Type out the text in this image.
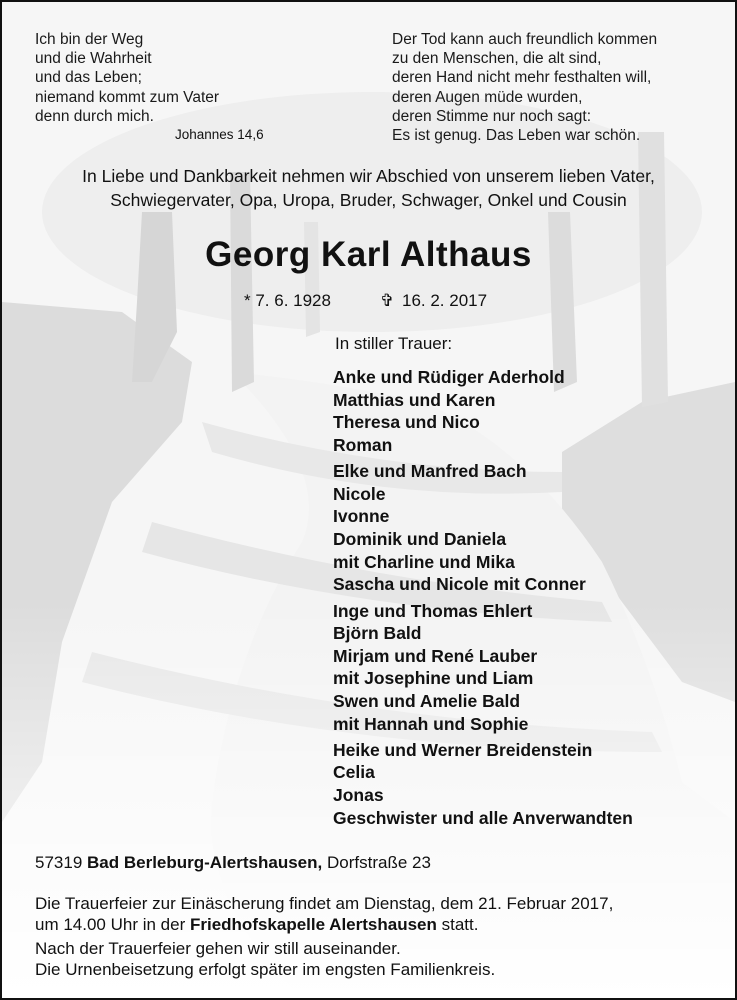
Ich bin der Weg
und die Wahrheit
und das Leben;
niemand kommt zum Vater
denn durch mich.
Johannes 14,6
Der Tod kann auch freundlich kommen
zu den Menschen, die alt sind,
deren Hand nicht mehr festhalten will,
deren Augen müde wurden,
deren Stimme nur noch sagt:
Es ist genug. Das Leben war schön.
In Liebe und Dankbarkeit nehmen wir Abschied von unserem lieben Vater,
Schwiegervater, Opa, Uropa, Bruder, Schwager, Onkel und Cousin
Georg Karl Althaus
* 7. 6. 1928	✞ 16. 2. 2017
In stiller Trauer:
Anke und Rüdiger Aderhold
Matthias und Karen
Theresa und Nico
Roman
Elke und Manfred Bach
Nicole
Ivonne
Dominik und Daniela
mit Charline und Mika
Sascha und Nicole mit Conner
Inge und Thomas Ehlert
Björn Bald
Mirjam und René Lauber
mit Josephine und Liam
Swen und Amelie Bald
mit Hannah und Sophie
Heike und Werner Breidenstein
Celia
Jonas
Geschwister und alle Anverwandten
57319 Bad Berleburg-Alertshausen, Dorfstraße 23
Die Trauerfeier zur Einäscherung findet am Dienstag, dem 21. Februar 2017,
um 14.00 Uhr in der Friedhofskapelle Alertshausen statt.
Nach der Trauerfeier gehen wir still auseinander.
Die Urnenbeisetzung erfolgt später im engsten Familienkreis.
